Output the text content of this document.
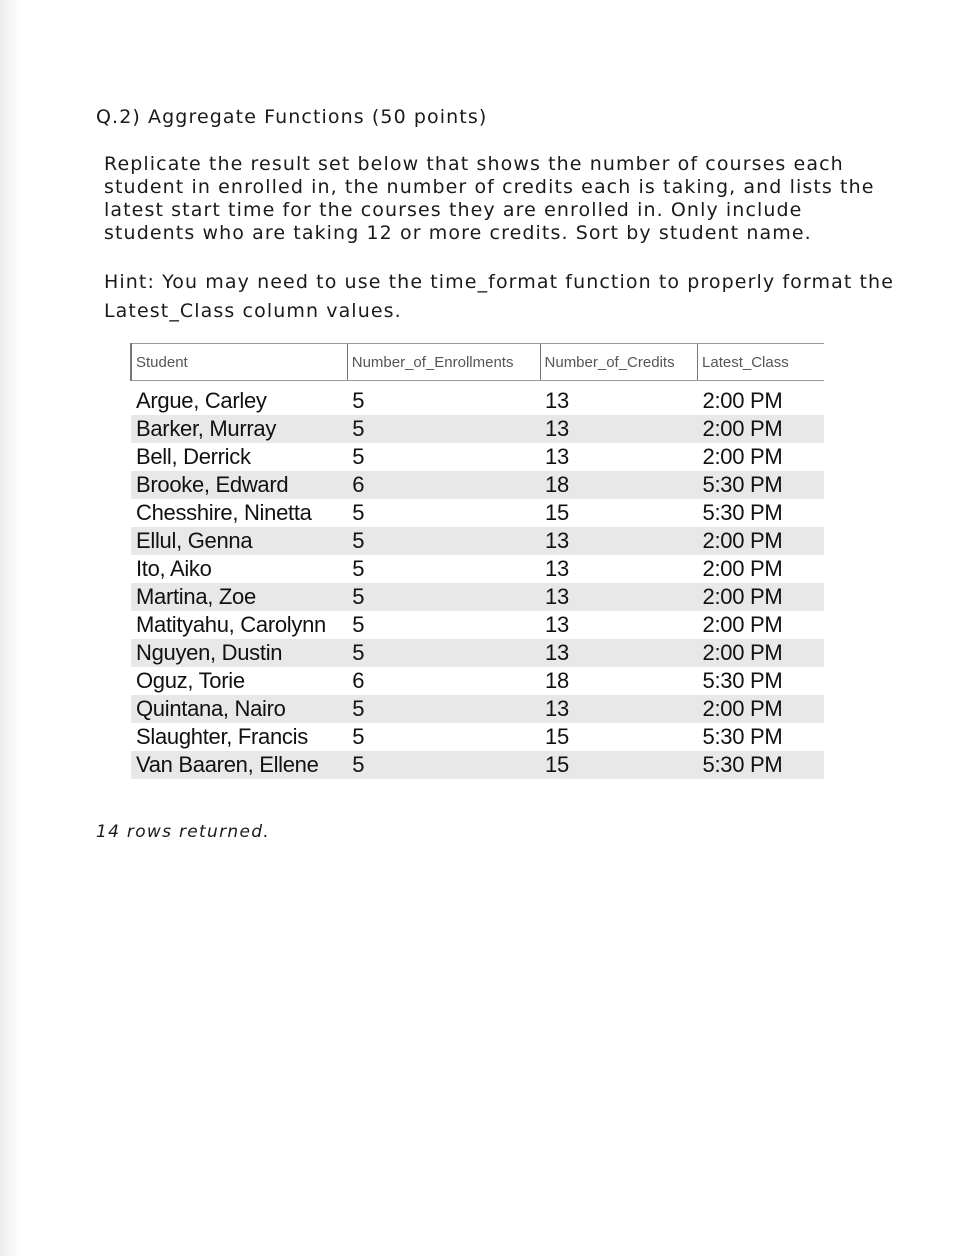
Q.2) Aggregate Functions (50 points)
Replicate the result set below that shows the number of courses each
student in enrolled in, the number of credits each is taking, and lists the
latest start time for the courses they are enrolled in. Only include
students who are taking 12 or more credits. Sort by student name.
Hint: You may need to use the time_format function to properly format the
Latest_Class column values.
Student	Number_of_Enrollments	Number_of_Credits	Latest_Class

Argue, Carley	5	13	2:00 PM
Barker, Murray	5	13	2:00 PM
Bell, Derrick	5	13	2:00 PM
Brooke, Edward	6	18	5:30 PM
Chesshire, Ninetta	5	15	5:30 PM
Ellul, Genna	5	13	2:00 PM
Ito, Aiko	5	13	2:00 PM
Martina, Zoe	5	13	2:00 PM
Matityahu, Carolynn	5	13	2:00 PM
Nguyen, Dustin	5	13	2:00 PM
Oguz, Torie	6	18	5:30 PM
Quintana, Nairo	5	13	2:00 PM
Slaughter, Francis	5	15	5:30 PM
Van Baaren, Ellene	5	15	5:30 PM
14 rows returned.
